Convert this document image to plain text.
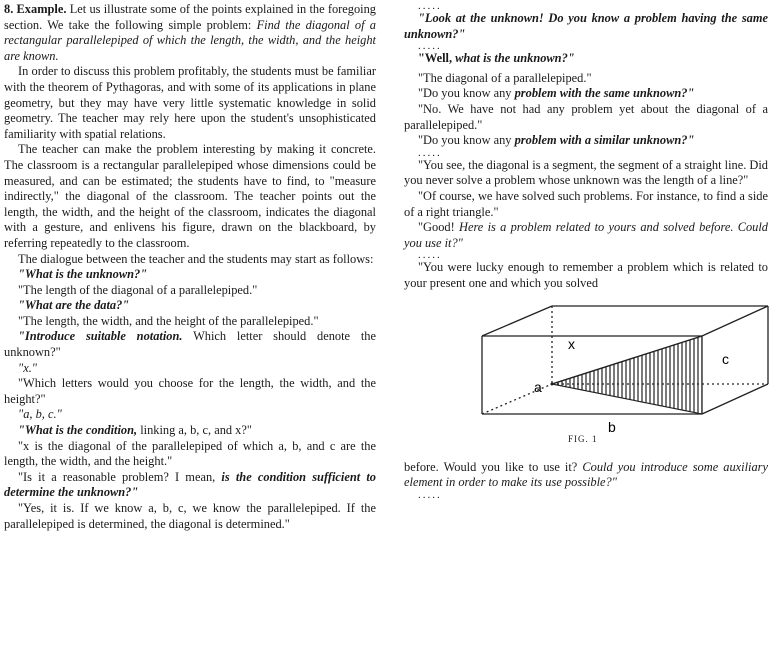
8. Example. Let us illustrate some of the points explained in the foregoing section. We take the following simple problem: Find the diagonal of a rectangular parallelepiped of which the length, the width, and the height are known.

In order to discuss this problem profitably, the students must be familiar with the theorem of Pythagoras, and with some of its applications in plane geometry, but they may have very little systematic knowledge in solid geometry. The teacher may rely here upon the student's unsophisticated familiarity with spatial relations.

The teacher can make the problem interesting by making it concrete. The classroom is a rectangular parallelepiped whose dimensions could be measured, and can be estimated; the students have to find, to "measure indirectly," the diagonal of the classroom. The teacher points out the length, the width, and the height of the classroom, indicates the diagonal with a gesture, and enlivens his figure, drawn on the blackboard, by referring repeatedly to the classroom.

The dialogue between the teacher and the students may start as follows:

"What is the unknown?"

"The length of the diagonal of a parallelepiped."

"What are the data?"

"The length, the width, and the height of the parallelepiped."

"Introduce suitable notation. Which letter should denote the unknown?"

"x."

"Which letters would you choose for the length, the width, and the height?"

"a, b, c."

"What is the condition, linking a, b, c, and x?"

"x is the diagonal of the parallelepiped of which a, b, and c are the length, the width, and the height."

"Is it a reasonable problem? I mean, is the condition sufficient to determine the unknown?"

"Yes, it is. If we know a, b, c, we know the parallelepiped. If the parallelepiped is determined, the diagonal is determined."

.....

"Look at the unknown! Do you know a problem having the same unknown?"

.....

"Well, what is the unknown?"

"The diagonal of a parallelepiped."

"Do you know any problem with the same unknown?"

"No. We have not had any problem yet about the diagonal of a parallelepiped."

"Do you know any problem with a similar unknown?"

.....

"You see, the diagonal is a segment, the segment of a straight line. Did you never solve a problem whose unknown was the length of a line?"

"Of course, we have solved such problems. For instance, to find a side of a right triangle."

"Good! Here is a problem related to yours and solved before. Could you use it?"

.....

"You were lucky enough to remember a problem which is related to your present one and which you solved

x
a
b
c
FIG. 1

before. Would you like to use it? Could you introduce some auxiliary element in order to make its use possible?"

.....
